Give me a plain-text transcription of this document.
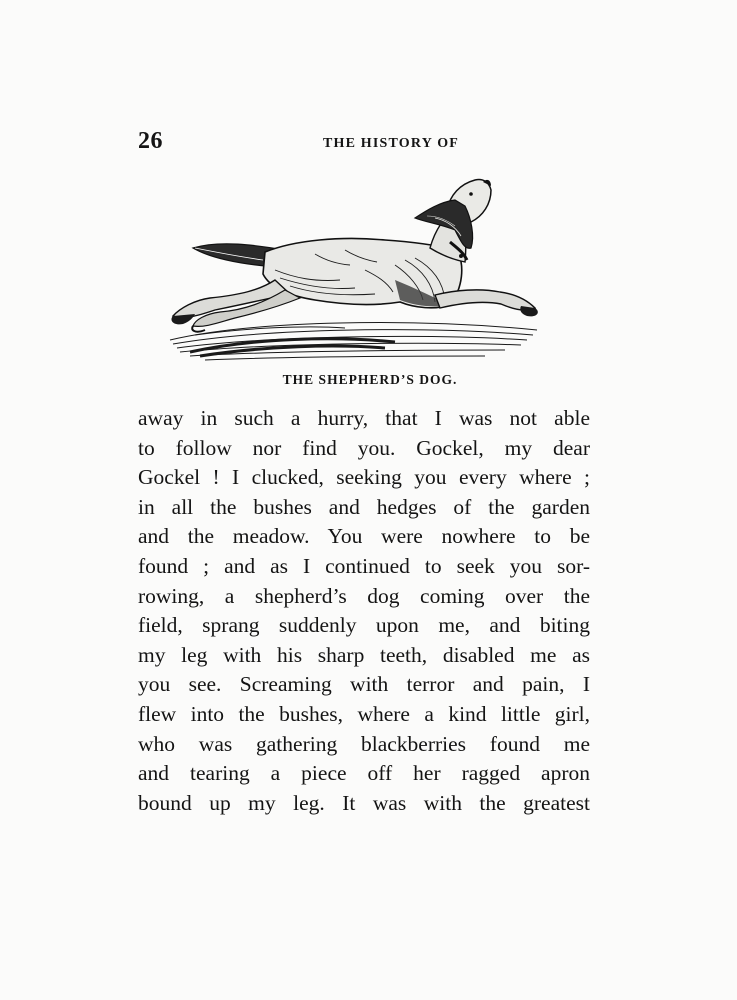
26	THE HISTORY OF
THE SHEPHERD’S DOG.
away in such a hurry, that I was not able
to follow nor find you. Gockel, my dear
Gockel ! I clucked, seeking you every where ;
in all the bushes and hedges of the garden
and the meadow. You were nowhere to be
found ; and as I continued to seek you sor-
rowing, a shepherd’s dog coming over the
field, sprang suddenly upon me, and biting
my leg with his sharp teeth, disabled me as
you see. Screaming with terror and pain, I
flew into the bushes, where a kind little girl,
who was gathering blackberries found me
and tearing a piece off her ragged apron
bound up my leg. It was with the greatest
